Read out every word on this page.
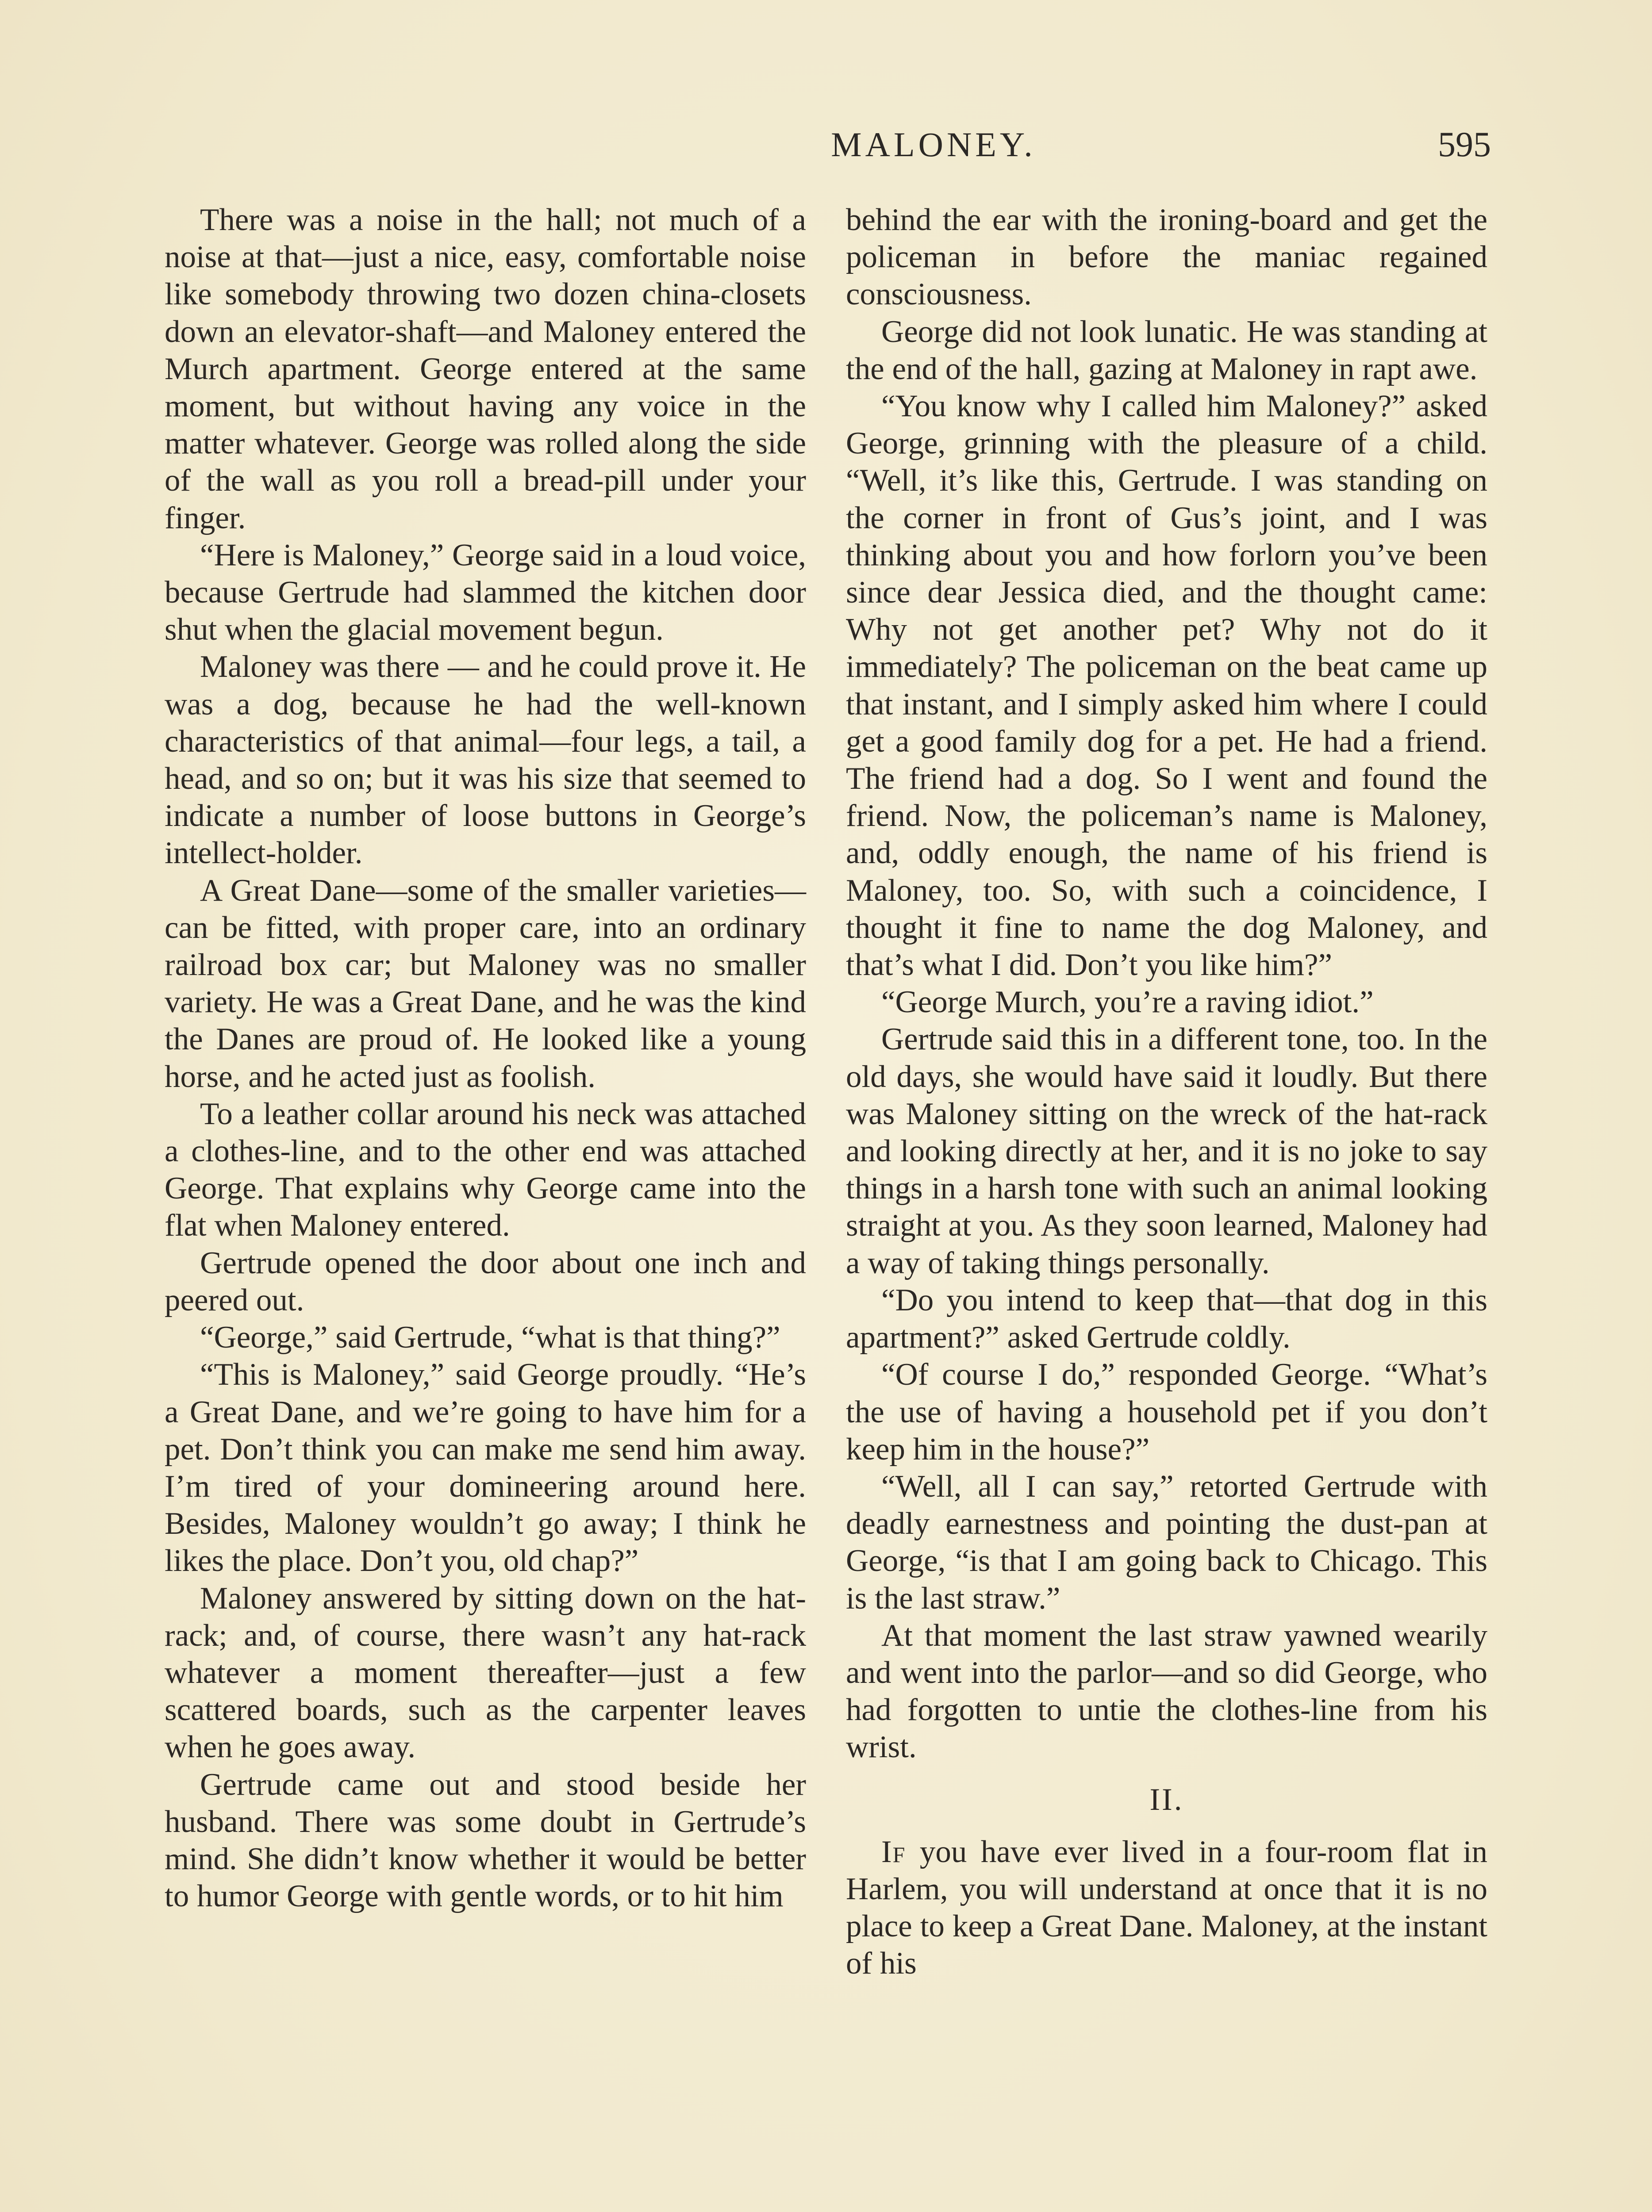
MALONEY.	595

There was a noise in the hall; not much of a noise at that—just a nice, easy, comfortable noise like somebody throwing two dozen china-closets down an elevator-shaft—and Maloney entered the Murch apartment. George entered at the same moment, but without having any voice in the matter whatever. George was rolled along the side of the wall as you roll a bread-pill under your finger.

“Here is Maloney,” George said in a loud voice, because Gertrude had slammed the kitchen door shut when the glacial movement begun.

Maloney was there — and he could prove it. He was a dog, because he had the well-known characteristics of that animal—four legs, a tail, a head, and so on; but it was his size that seemed to indicate a number of loose buttons in George’s intellect-holder.

A Great Dane—some of the smaller varieties—can be fitted, with proper care, into an ordinary railroad box car; but Maloney was no smaller variety. He was a Great Dane, and he was the kind the Danes are proud of. He looked like a young horse, and he acted just as foolish.

To a leather collar around his neck was attached a clothes-line, and to the other end was attached George. That explains why George came into the flat when Maloney entered.

Gertrude opened the door about one inch and peered out.

“George,” said Gertrude, “what is that thing?”

“This is Maloney,” said George proudly. “He’s a Great Dane, and we’re going to have him for a pet. Don’t think you can make me send him away. I’m tired of your domineering around here. Besides, Maloney wouldn’t go away; I think he likes the place. Don’t you, old chap?”

Maloney answered by sitting down on the hat-rack; and, of course, there wasn’t any hat-rack whatever a moment thereafter—just a few scattered boards, such as the carpenter leaves when he goes away.

Gertrude came out and stood beside her husband. There was some doubt in Gertrude’s mind. She didn’t know whether it would be better to humor George with gentle words, or to hit him

behind the ear with the ironing-board and get the policeman in before the maniac regained consciousness.

George did not look lunatic. He was standing at the end of the hall, gazing at Maloney in rapt awe.

“You know why I called him Maloney?” asked George, grinning with the pleasure of a child. “Well, it’s like this, Gertrude. I was standing on the corner in front of Gus’s joint, and I was thinking about you and how forlorn you’ve been since dear Jessica died, and the thought came: Why not get another pet? Why not do it immediately? The policeman on the beat came up that instant, and I simply asked him where I could get a good family dog for a pet. He had a friend. The friend had a dog. So I went and found the friend. Now, the policeman’s name is Maloney, and, oddly enough, the name of his friend is Maloney, too. So, with such a coincidence, I thought it fine to name the dog Maloney, and that’s what I did. Don’t you like him?”

“George Murch, you’re a raving idiot.”

Gertrude said this in a different tone, too. In the old days, she would have said it loudly. But there was Maloney sitting on the wreck of the hat-rack and looking directly at her, and it is no joke to say things in a harsh tone with such an animal looking straight at you. As they soon learned, Maloney had a way of taking things personally.

“Do you intend to keep that—that dog in this apartment?” asked Gertrude coldly.

“Of course I do,” responded George. “What’s the use of having a household pet if you don’t keep him in the house?”

“Well, all I can say,” retorted Gertrude with deadly earnestness and pointing the dust-pan at George, “is that I am going back to Chicago. This is the last straw.”

At that moment the last straw yawned wearily and went into the parlor—and so did George, who had forgotten to untie the clothes-line from his wrist.

II.

If you have ever lived in a four-room flat in Harlem, you will understand at once that it is no place to keep a Great Dane. Maloney, at the instant of his
